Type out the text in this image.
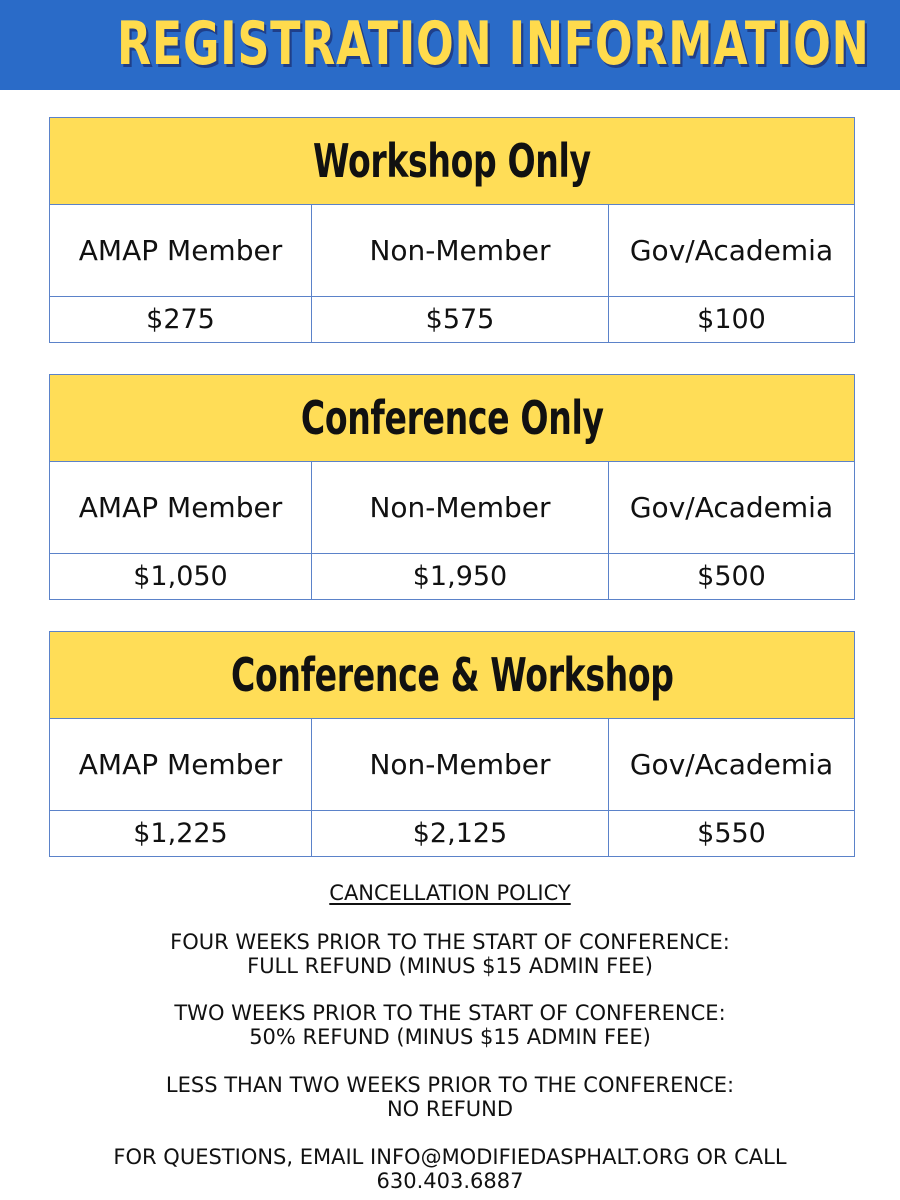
REGISTRATION INFORMATION
Workshop Only
AMAP Member	Non-Member	Gov/Academia
$275	$575	$100
Conference Only
AMAP Member	Non-Member	Gov/Academia
$1,050	$1,950	$500
Conference & Workshop
AMAP Member	Non-Member	Gov/Academia
$1,225	$2,125	$550

CANCELLATION POLICY

FOUR WEEKS PRIOR TO THE START OF CONFERENCE:
FULL REFUND (MINUS $15 ADMIN FEE)
TWO WEEKS PRIOR TO THE START OF CONFERENCE:
50% REFUND (MINUS $15 ADMIN FEE)
LESS THAN TWO WEEKS PRIOR TO THE CONFERENCE:
NO REFUND
FOR QUESTIONS, EMAIL INFO@MODIFIEDASPHALT.ORG OR CALL
630.403.6887
